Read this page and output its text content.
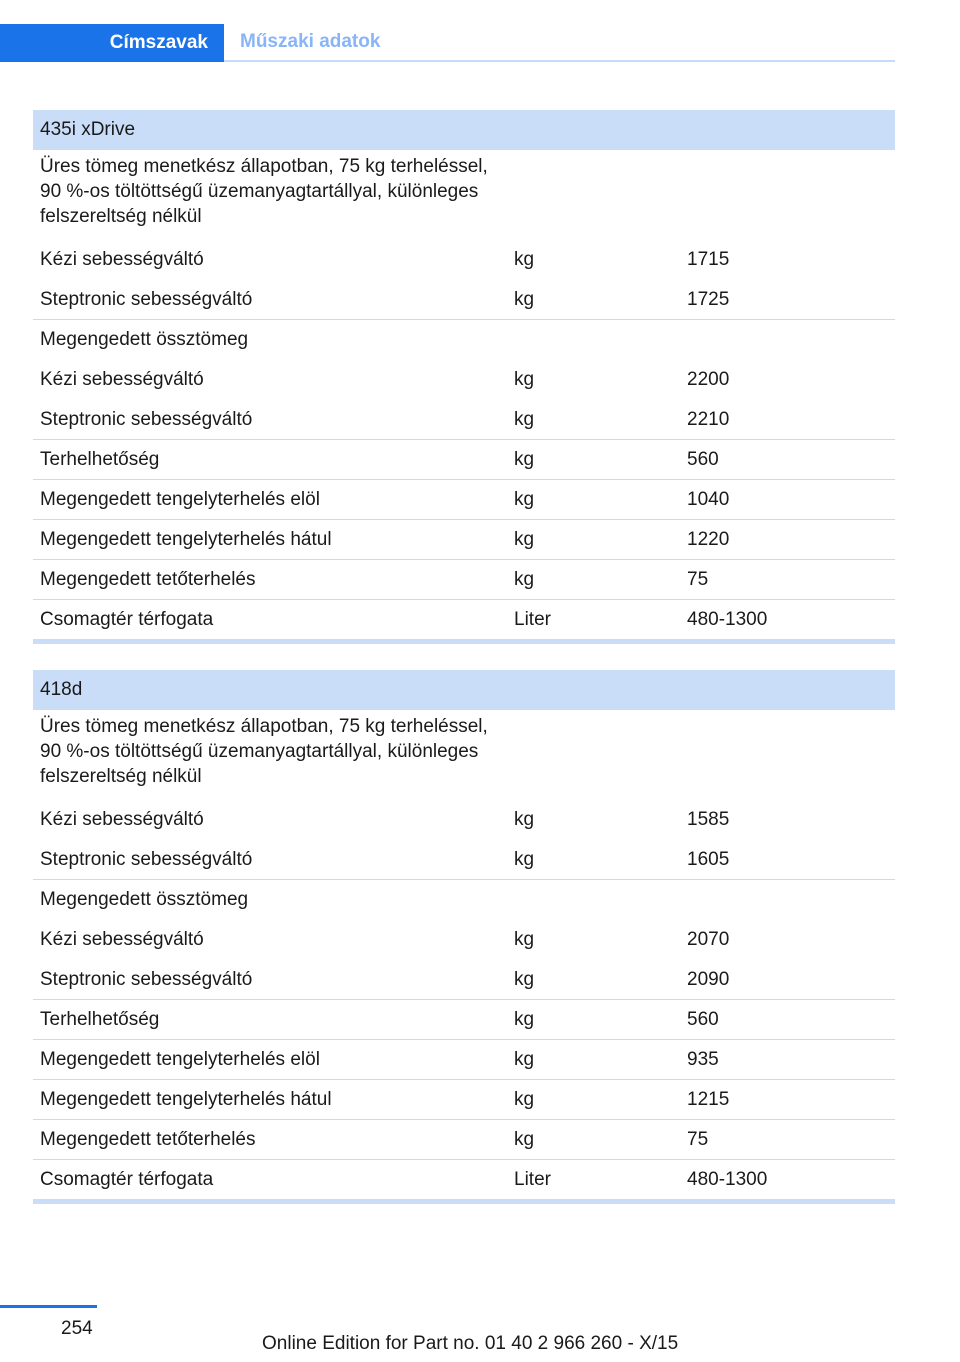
Címszavak	Műszaki adatok
435i xDrive
Üres tömeg menetkész állapotban, 75 kg terheléssel, 90 %-os töltöttségű üzemanyagtartállyal, különleges felszereltség nélkül
Kézi sebességváltó	kg	1715
Steptronic sebességváltó	kg	1725
Megengedett össztömeg
Kézi sebességváltó	kg	2200
Steptronic sebességváltó	kg	2210
Terhelhetőség	kg	560
Megengedett tengelyterhelés elöl	kg	1040
Megengedett tengelyterhelés hátul	kg	1220
Megengedett tetőterhelés	kg	75
Csomagtér térfogata	Liter	480-1300
418d
Üres tömeg menetkész állapotban, 75 kg terheléssel, 90 %-os töltöttségű üzemanyagtartállyal, különleges felszereltség nélkül
Kézi sebességváltó	kg	1585
Steptronic sebességváltó	kg	1605
Megengedett össztömeg
Kézi sebességváltó	kg	2070
Steptronic sebességváltó	kg	2090
Terhelhetőség	kg	560
Megengedett tengelyterhelés elöl	kg	935
Megengedett tengelyterhelés hátul	kg	1215
Megengedett tetőterhelés	kg	75
Csomagtér térfogata	Liter	480-1300
254
Online Edition for Part no. 01 40 2 966 260 - X/15
